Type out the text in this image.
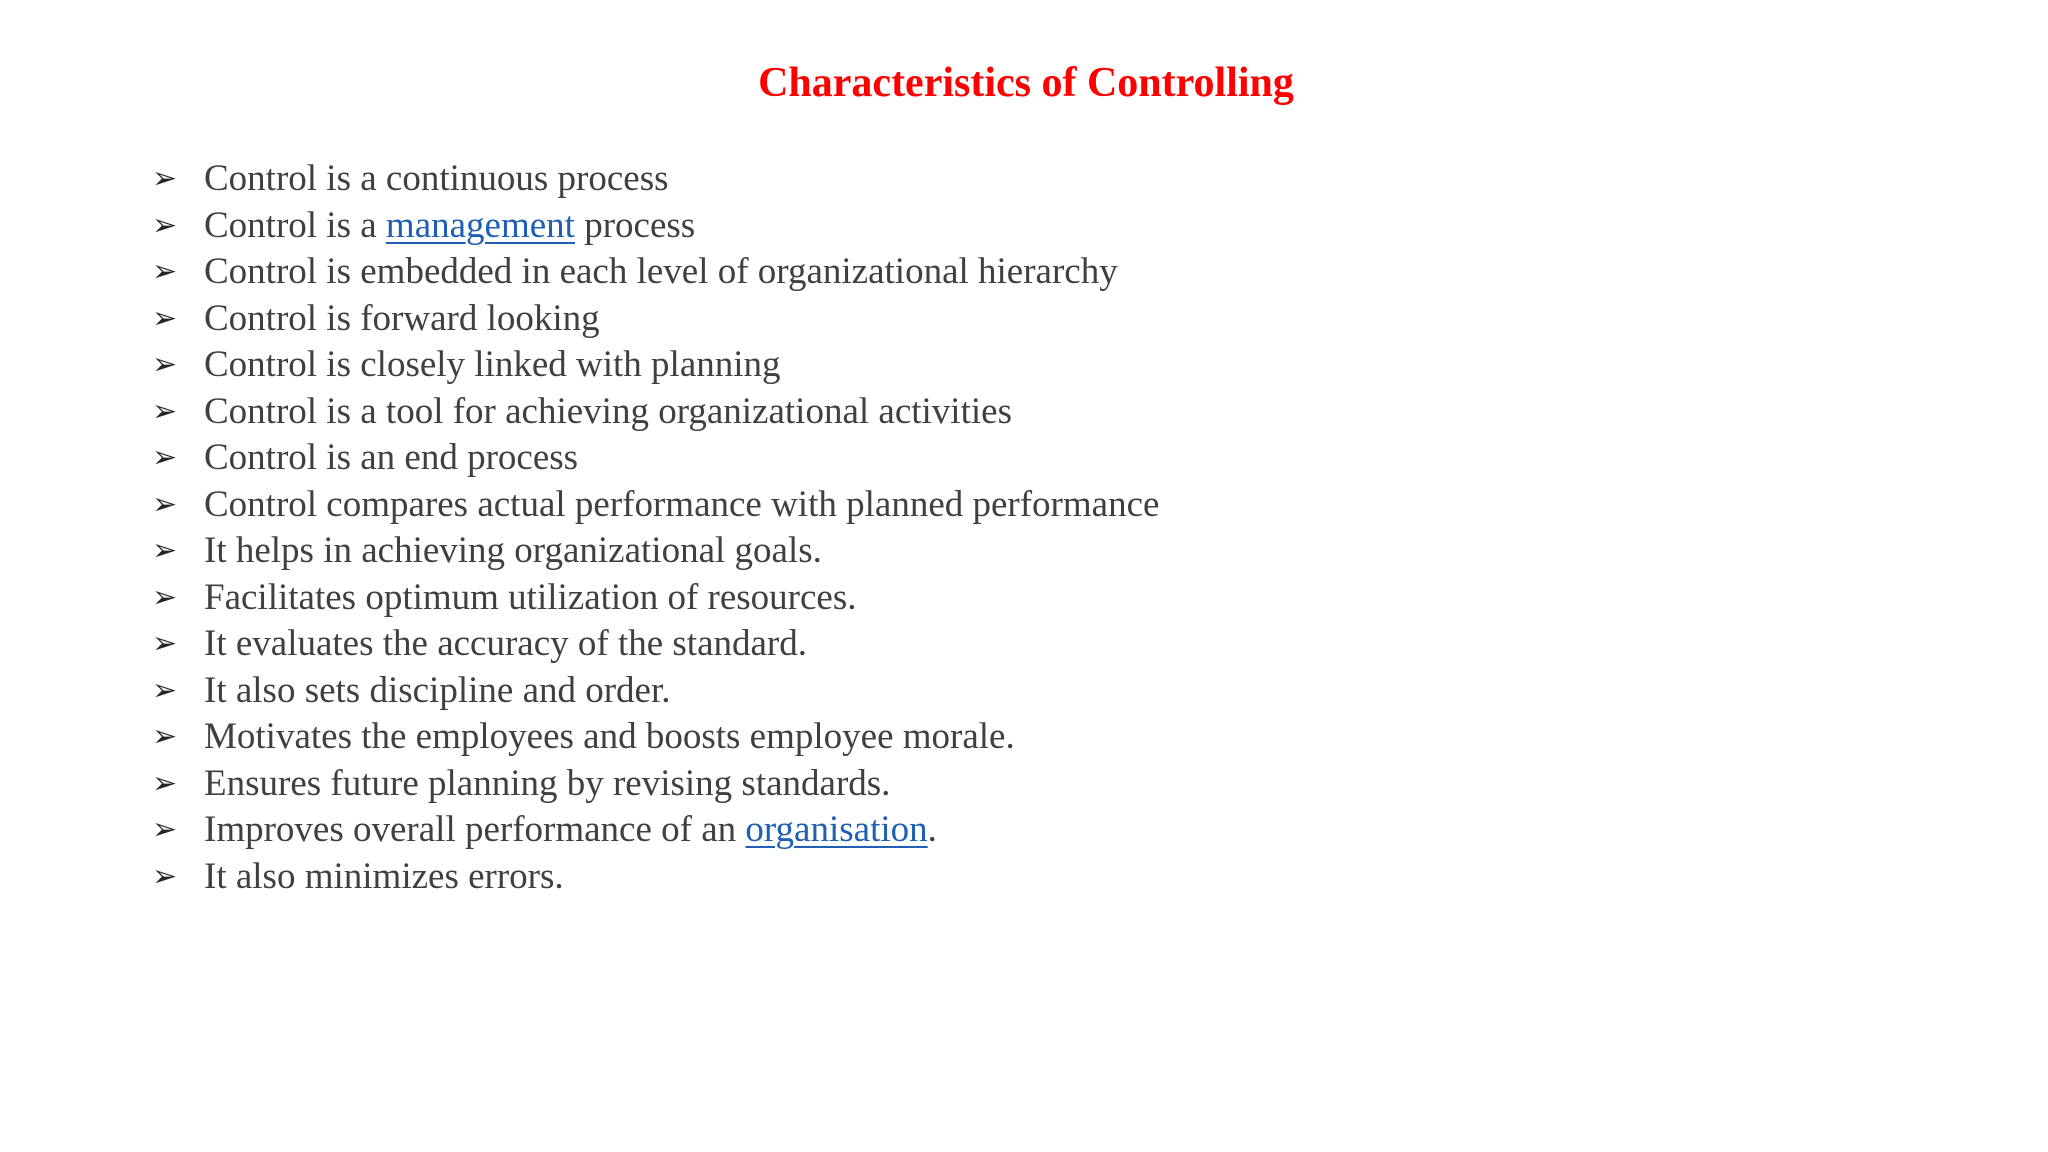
Characteristics of Controlling
➢ Control is a continuous process
➢ Control is a management process
➢ Control is embedded in each level of organizational hierarchy
➢ Control is forward looking
➢ Control is closely linked with planning
➢ Control is a tool for achieving organizational activities
➢ Control is an end process
➢ Control compares actual performance with planned performance
➢ It helps in achieving organizational goals.
➢ Facilitates optimum utilization of resources.
➢ It evaluates the accuracy of the standard.
➢ It also sets discipline and order.
➢ Motivates the employees and boosts employee morale.
➢ Ensures future planning by revising standards.
➢ Improves overall performance of an organisation.
➢ It also minimizes errors.
